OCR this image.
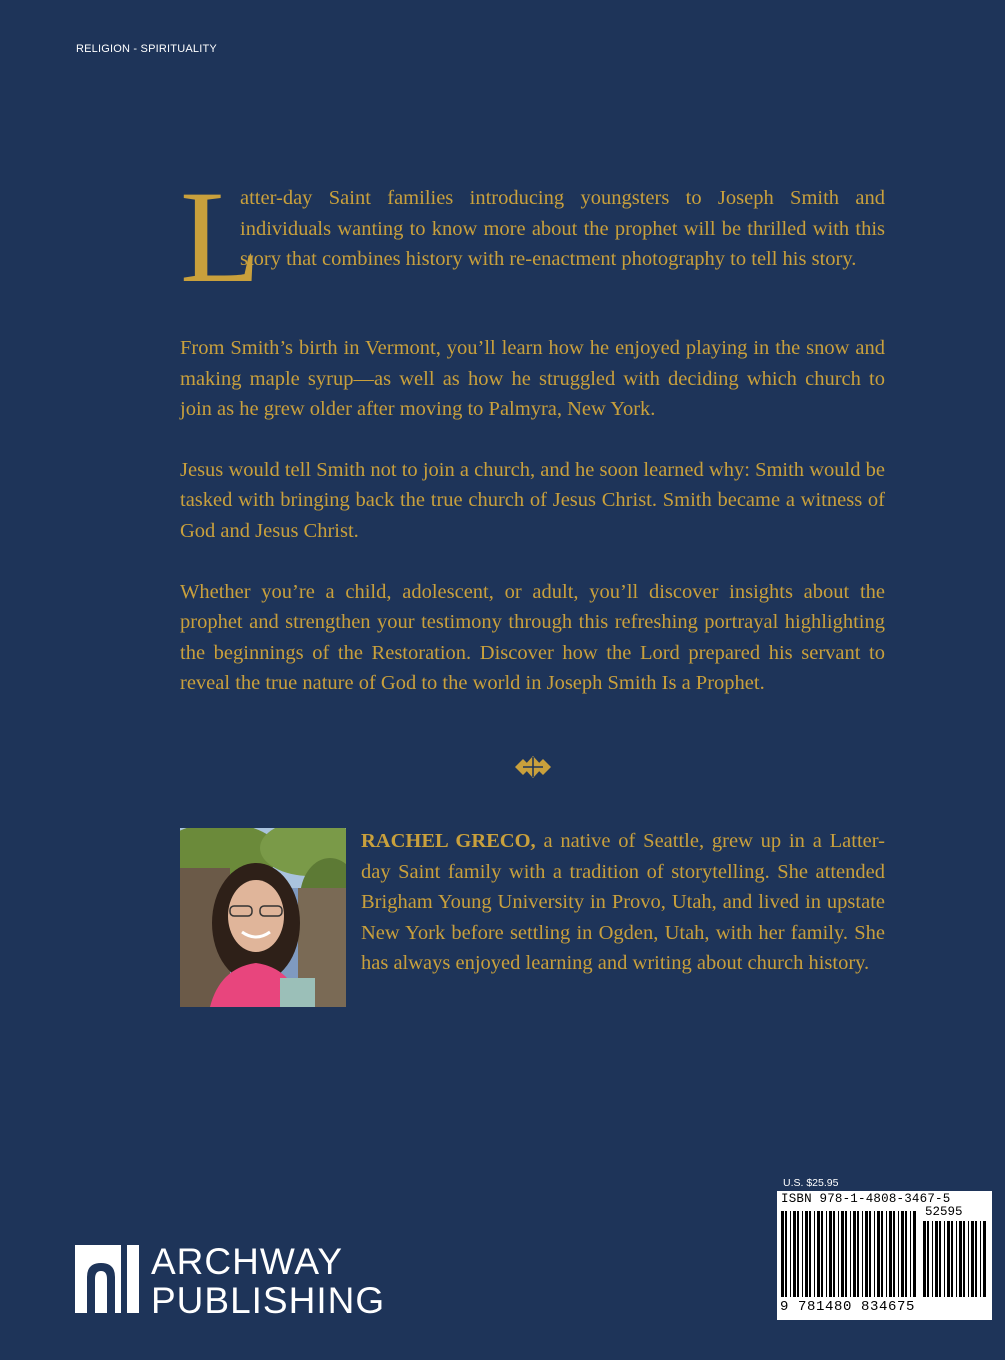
RELIGION - SPIRITUALITY
L
atter-day Saint families introducing youngsters to Joseph Smith and individuals wanting to know more about the prophet will be thrilled with this story that combines history with re-enactment photography to tell his story.

From Smith’s birth in Vermont, you’ll learn how he enjoyed playing in the snow and making maple syrup—as well as how he struggled with deciding which church to join as he grew older after moving to Palmyra, New York.

Jesus would tell Smith not to join a church, and he soon learned why: Smith would be tasked with bringing back the true church of Jesus Christ. Smith became a witness of God and Jesus Christ.

Whether you’re a child, adolescent, or adult, you’ll discover insights about the prophet and strengthen your testimony through this refreshing portrayal highlighting the beginnings of the Restoration. Discover how the Lord prepared his servant to reveal the true nature of God to the world in Joseph Smith Is a Prophet.

RACHEL GRECO, a native of Seattle, grew up in a Latter-day Saint family with a tradition of storytelling. She attended Brigham Young University in Provo, Utah, and lived in upstate New York before settling in Ogden, Utah, with her family. She has always enjoyed learning and writing about church history.
ARCHWAY
PUBLISHING
U.S. $25.95
ISBN 978-1-4808-3467-5
52595
9 781480 834675
